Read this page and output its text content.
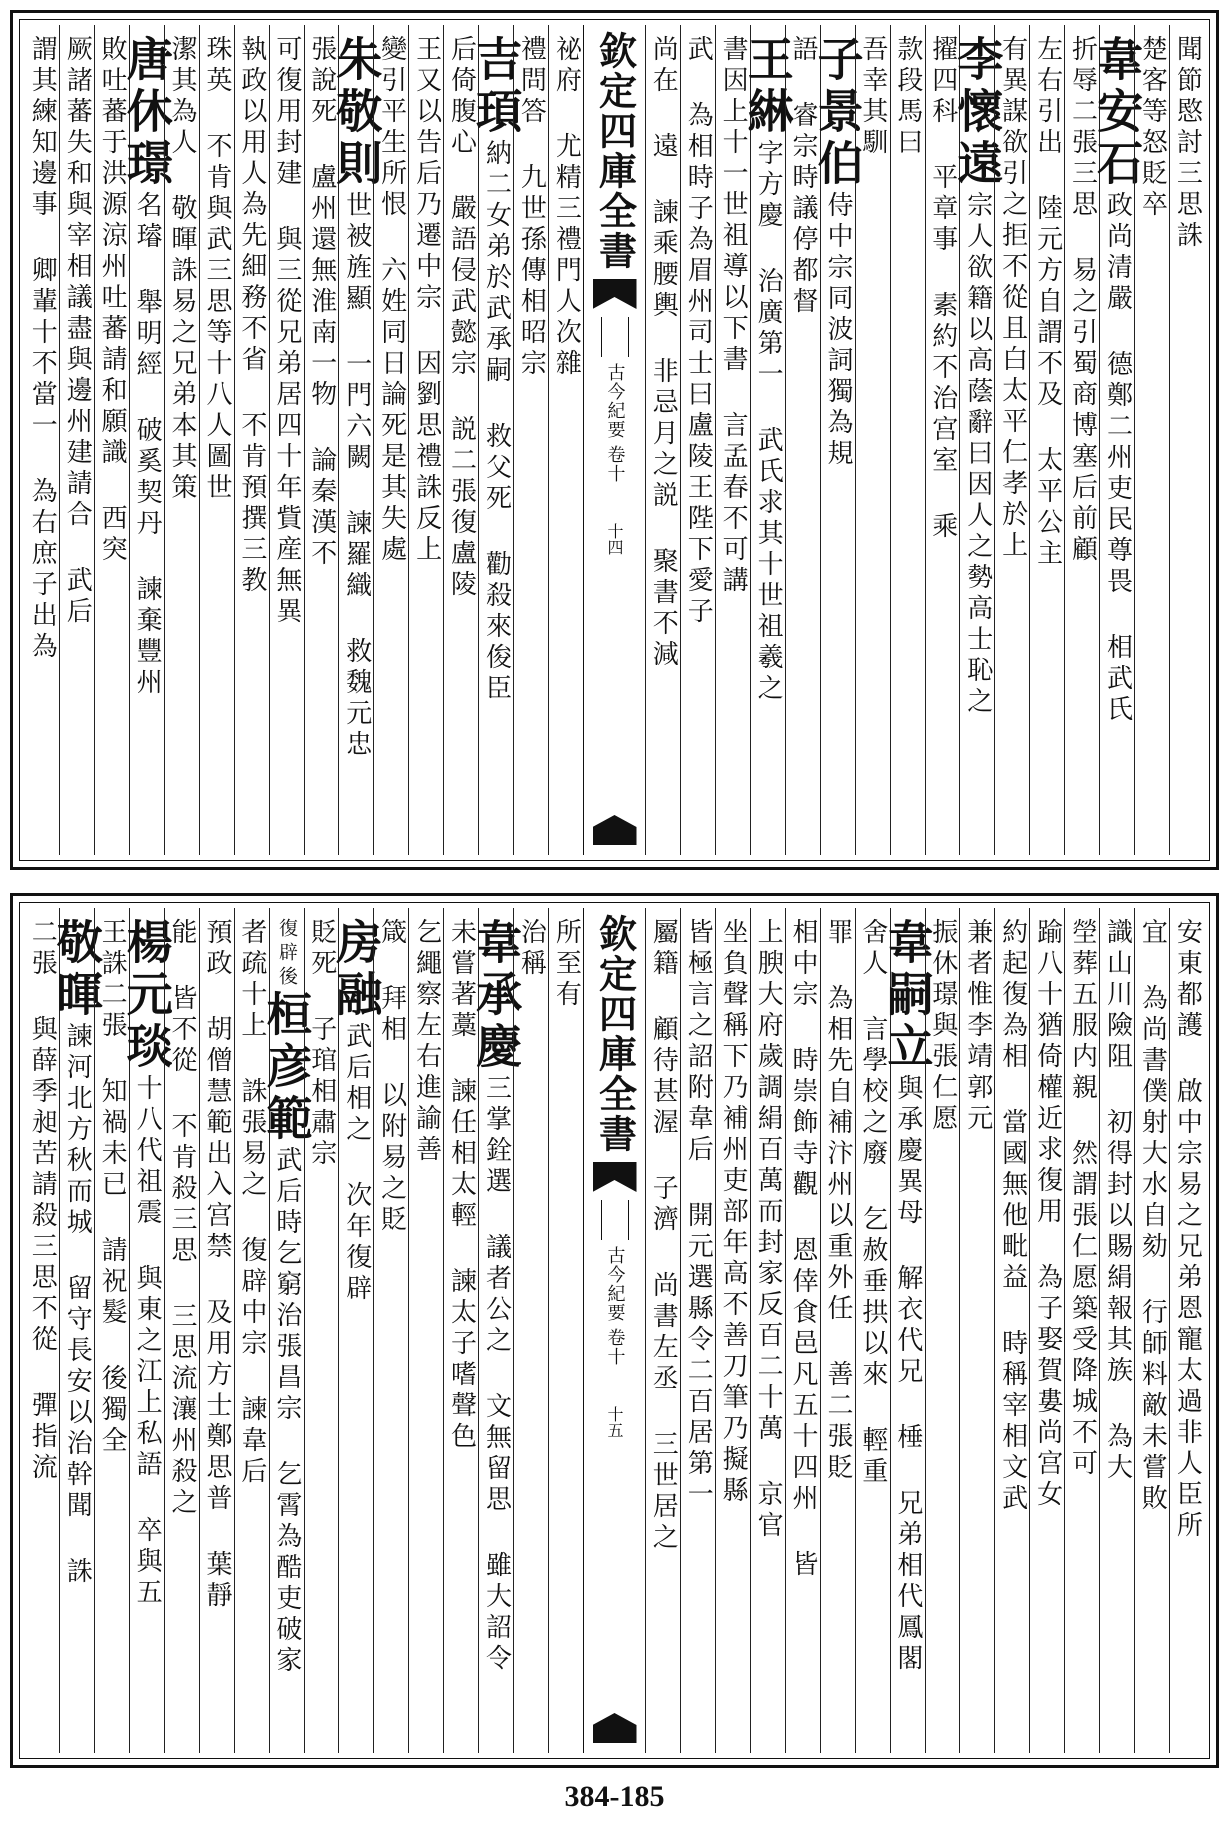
聞節愍討三思誅
楚客等怒貶卒
韋安石
政尚清嚴 德鄭二州吏民尊畏 相武氏
折辱二張三思 易之引蜀商博塞后前顧
左右引出 陸元方自謂不及 太平公主
有異謀欲引之拒不從且白太平仁孝於上
李懷遠
宗人欲籍以高蔭辭曰因人之勢高士恥之
擢四科 平章事 素約不治宫室 乘
款段馬曰
吾幸其馴
子景伯
侍中宗同波詞獨為規
語 睿宗時議停都督
王綝
字方慶 治廣第一 武氏求其十世祖羲之
書因上十一世祖導以下書 言孟春不可講
武 為相時子為眉州司士曰盧陵王陛下愛子
尚在 遠 諫乘腰輿 非忌月之説 聚書不減
欽定四庫全書
古今紀要
卷十
十四
祕府 尤精三禮門人次雜
禮問答 九世孫傳相昭宗
吉頊
納二女弟於武承嗣 救父死 勸殺來俊臣
后倚腹心 嚴語侵武懿宗 説二張復盧陵
王又以告后乃遷中宗 因劉思禮誅反上
變引平生所恨 六姓同日論死是其失處
朱敬則
世被旌顯 一門六闕 諫羅織 救魏元忠
張說死 盧州還無淮南一物 論秦漢不
可復用封建 與三從兄弟居四十年貲産無異
執政以用人為先細務不省 不肯預撰三教
珠英 不肯與武三思等十八人圖世
潔其為人 敬暉誅易之兄弟本其策
唐休璟
名璿 舉明經 破奚契丹 諫棄豐州
敗吐蕃于洪源涼州吐蕃請和願識 西突
厥諸蕃失和與宰相議盡與邊州建請合 武后
謂其練知邊事 卿輩十不當一 為右庶子出為
安東都護 啟中宗易之兄弟恩寵太過非人臣所
宜 為尚書僕射大水自劾 行師料敵未嘗敗
識山川險阻 初得封以賜絹報其族 為大
塋葬五服内親 然謂張仁愿築受降城不可
踰八十猶倚權近求復用 為子娶賀婁尚宫女
約起復為相 當國無他毗益 時稱宰相文武
兼者惟李靖郭元
振休璟與張仁愿
韋嗣立
與承慶異母 解衣代兄 棰 兄弟相代鳳閣
舍人 言學校之廢 乞赦垂拱以來 輕重
罪 為相先自補汴州以重外任 善二張貶
相中宗 時崇飾寺觀 恩倖食邑凡五十四州 皆
上腴大府歲調絹百萬而封家反百二十萬 京官
坐負聲稱下乃補州吏部年高不善刀筆乃擬縣
皆極言之詔附韋后 開元選縣令二百居第一
屬籍 顧待甚渥 子濟 尚書左丞 三世居之
欽定四庫全書
古今紀要
卷十
十五
所至有
治稱
韋承慶
三掌銓選 議者公之 文無留思 雖大詔令
未嘗著藁 諫任相太輕 諫太子嗜聲色
乞繩察左右進諭善
箴 拜相 以附易之貶
房融
武后相之 次年復辟
貶死 子琯相肅宗
復辟後
桓彦範
武后時乞窮治張昌宗 乞霄為酷吏破家
者疏十上 誅張易之 復辟中宗 諫韋后
預政 胡僧慧範出入宫禁 及用方士鄭思普 葉靜
能 皆不從 不肯殺三思 三思流瀼州殺之
楊元琰
十八代祖震 與東之江上私語 卒與五
王誅二張 知禍未已 請祝髮 後獨全
敬暉
諫河北方秋而城 留守長安以治幹聞 誅
二張 與薛季昶苦請殺三思不從 彈指流
384-185
